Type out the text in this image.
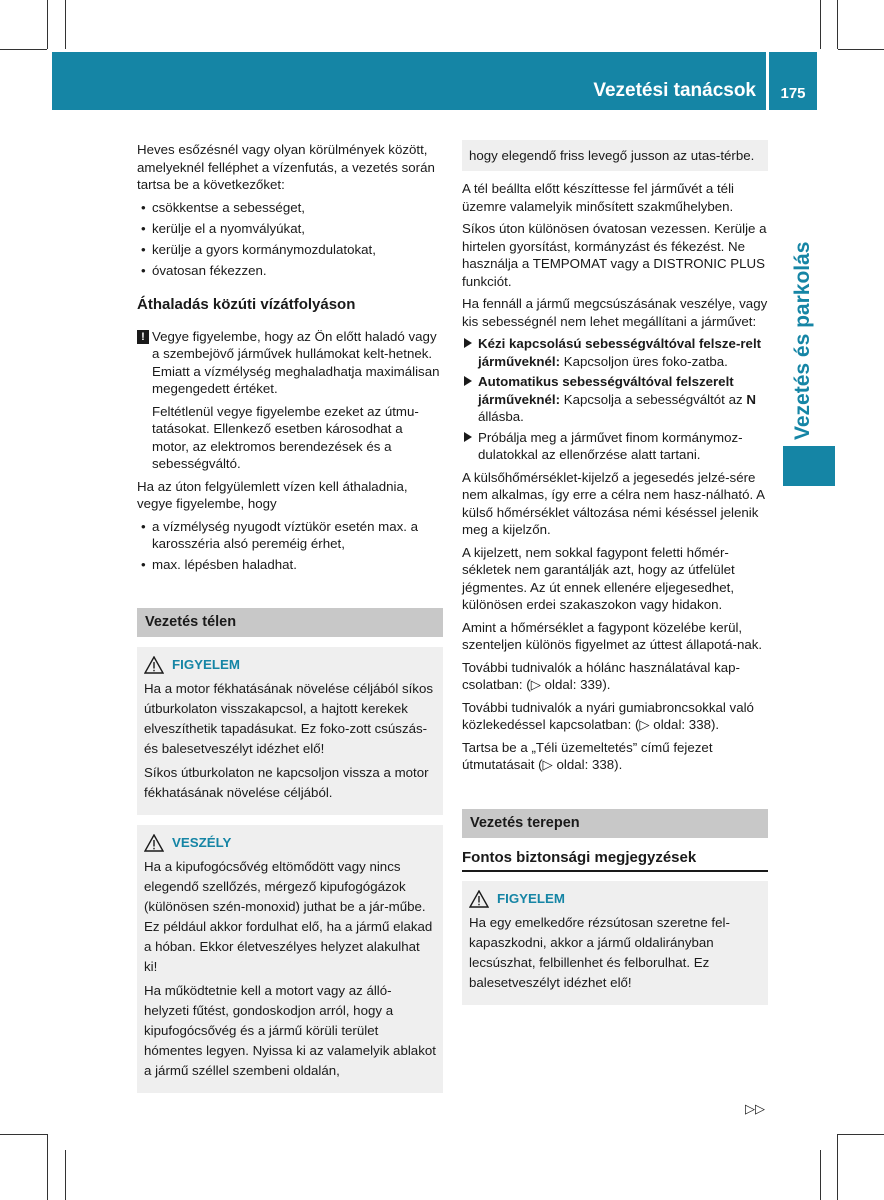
Vezetési tanácsok	175
Vezetés és parkolás

Heves esőzésnél vagy olyan körülmények között, amelyeknél felléphet a vízenfutás, a vezetés során tartsa be a következőket:

• csökkentse a sebességet,
• kerülje el a nyomvályúkat,
• kerülje a gyors kormánymozdulatokat,
• óvatosan fékezzen.
Áthaladás közúti vízátfolyáson
! Vegye figyelembe, hogy az Ön előtt haladó vagy a szembejövő járművek hullámokat kelt-hetnek. Emiatt a vízmélység meghaladhatja maximálisan megengedett értéket.

Feltétlenül vegye figyelembe ezeket az útmu-tatásokat. Ellenkező esetben károsodhat a motor, az elektromos berendezések és a sebességváltó.

Ha az úton felgyülemlett vízen kell áthaladnia, vegye figyelembe, hogy

• a vízmélység nyugodt víztükör esetén max. a karosszéria alsó pereméig érhet,
• max. lépésben haladhat.
Vezetés télen
FIGYELEM

Ha a motor fékhatásának növelése céljából síkos útburkolaton visszakapcsol, a hajtott kerekek elveszíthetik tapadásukat. Ez foko-zott csúszás- és balesetveszélyt idézhet elő!

Síkos útburkolaton ne kapcsoljon vissza a motor fékhatásának növelése céljából.

VESZÉLY

Ha a kipufogócsővég eltömődött vagy nincs elegendő szellőzés, mérgező kipufogógázok (különösen szén-monoxid) juthat be a jár-műbe. Ez például akkor fordulhat elő, ha a jármű elakad a hóban. Ekkor életveszélyes helyzet alakulhat ki!

Ha működtetnie kell a motort vagy az álló-helyzeti fűtést, gondoskodjon arról, hogy a kipufogócsővég és a jármű körüli terület hómentes legyen. Nyissa ki az valamelyik ablakot a jármű széllel szembeni oldalán,

hogy elegendő friss levegő jusson az utas-térbe.

A tél beállta előtt készíttesse fel járművét a téli üzemre valamelyik minősített szakműhelyben.

Síkos úton különösen óvatosan vezessen. Kerülje a hirtelen gyorsítást, kormányzást és fékezést. Ne használja a TEMPOMAT vagy a DISTRONIC PLUS funkciót.

Ha fennáll a jármű megcsúszásának veszélye, vagy kis sebességnél nem lehet megállítani a járművet:

Kézi kapcsolású sebességváltóval felsze-relt járműveknél: Kapcsoljon üres foko-zatba.
Automatikus sebességváltóval felszerelt járműveknél: Kapcsolja a sebességváltót az N állásba.
Próbálja meg a járművet finom kormánymoz-dulatokkal az ellenőrzése alatt tartani.

A külsőhőmérséklet-kijelző a jegesedés jelzé-sére nem alkalmas, így erre a célra nem hasz-nálható. A külső hőmérséklet változása némi késéssel jelenik meg a kijelzőn.

A kijelzett, nem sokkal fagypont feletti hőmér-sékletek nem garantálják azt, hogy az útfelület jégmentes. Az út ennek ellenére eljegesedhet, különösen erdei szakaszokon vagy hidakon.

Amint a hőmérséklet a fagypont közelébe kerül, szenteljen különös figyelmet az úttest állapotá-nak.

További tudnivalók a hólánc használatával kap-csolatban: (▷ oldal: 339).

További tudnivalók a nyári gumiabroncsokkal való közlekedéssel kapcsolatban: (▷ oldal: 338).

Tartsa be a „Téli üzemeltetés” című fejezet útmutatásait (▷ oldal: 338).

Vezetés terepen
Fontos biztonsági megjegyzések
FIGYELEM

Ha egy emelkedőre rézsútosan szeretne fel-kapaszkodni, akkor a jármű oldalirányban lecsúszhat, felbillenhet és felborulhat. Ez balesetveszélyt idézhet elő!

▷▷
